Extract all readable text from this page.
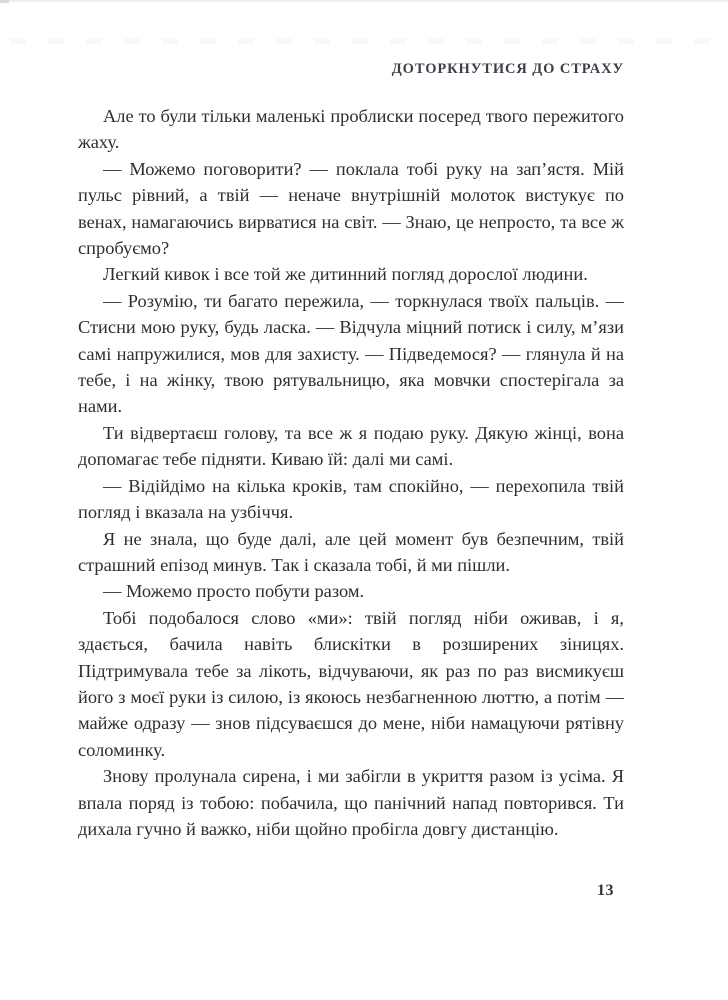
ДОТОРКНУТИСЯ ДО СТРАХУ

Але то були тільки маленькі проблиски посеред твого пережитого жаху.

— Можемо поговорити? — поклала тобі руку на зап’ястя. Мій пульс рівний, а твій — неначе внутрішній молоток вистукує по венах, намагаючись вирватися на світ. — Знаю, це непросто, та все ж спробуємо?

Легкий кивок і все той же дитинний погляд дорослої людини.

— Розумію, ти багато пережила, — торкнулася твоїх пальців. — Стисни мою руку, будь ласка. — Відчула міцний потиск і силу, м’язи самі напружилися, мов для захисту. — Підведемося? — глянула й на тебе, і на жінку, твою рятувальницю, яка мовчки спостерігала за нами.

Ти відвертаєш голову, та все ж я подаю руку. Дякую жінці, вона допомагає тебе підняти. Киваю їй: далі ми самі.

— Відійдімо на кілька кроків, там спокійно, — перехопила твій погляд і вказала на узбіччя.

Я не знала, що буде далі, але цей момент був безпечним, твій страшний епізод минув. Так і сказала тобі, й ми пішли.

— Можемо просто побути разом.

Тобі подобалося слово «ми»: твій погляд ніби оживав, і я, здається, бачила навіть блискітки в розширених зіницях. Підтримувала тебе за лікоть, відчуваючи, як раз по раз висмикуєш його з моєї руки із силою, із якоюсь незбагненною люттю, а потім — майже одразу — знов підсуваєшся до мене, ніби намацуючи рятівну соломинку.

Знову пролунала сирена, і ми забігли в укриття разом із усіма. Я впала поряд із тобою: побачила, що панічний напад повторився. Ти дихала гучно й важко, ніби щойно пробігла довгу дистанцію.

13
